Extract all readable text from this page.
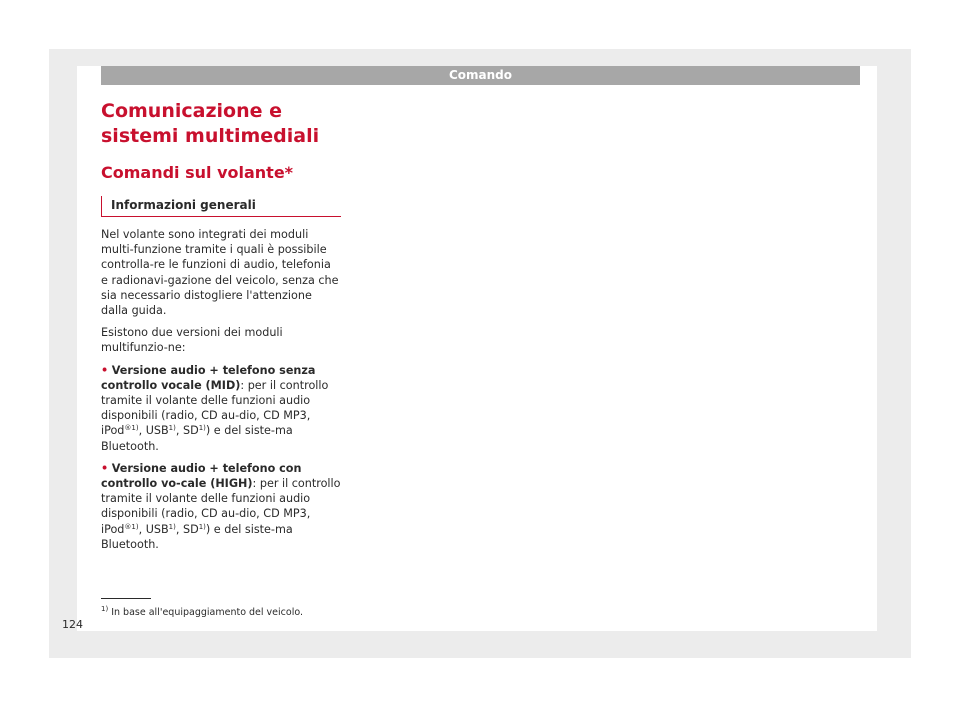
Comando
Comunicazione e sistemi multimediali
Comandi sul volante*
Informazioni generali

Nel volante sono integrati dei moduli multi-funzione tramite i quali è possibile controlla-re le funzioni di audio, telefonia e radionavi-gazione del veicolo, senza che sia necessario distogliere l'attenzione dalla guida.

Esistono due versioni dei moduli multifunzio-ne:

• Versione audio + telefono senza controllo vocale (MID): per il controllo tramite il volante delle funzioni audio disponibili (radio, CD au-dio, CD MP3, iPod$^{®1)}$, USB$^{1)}$, SD$^{1)}$) e del siste-ma Bluetooth.

• Versione audio + telefono con controllo vo-cale (HIGH): per il controllo tramite il volante delle funzioni audio disponibili (radio, CD au-dio, CD MP3, iPod$^{®1)}$, USB$^{1)}$, SD$^{1)}$) e del siste-ma Bluetooth.

$^{1)}$ In base all'equipaggiamento del veicolo.
124
